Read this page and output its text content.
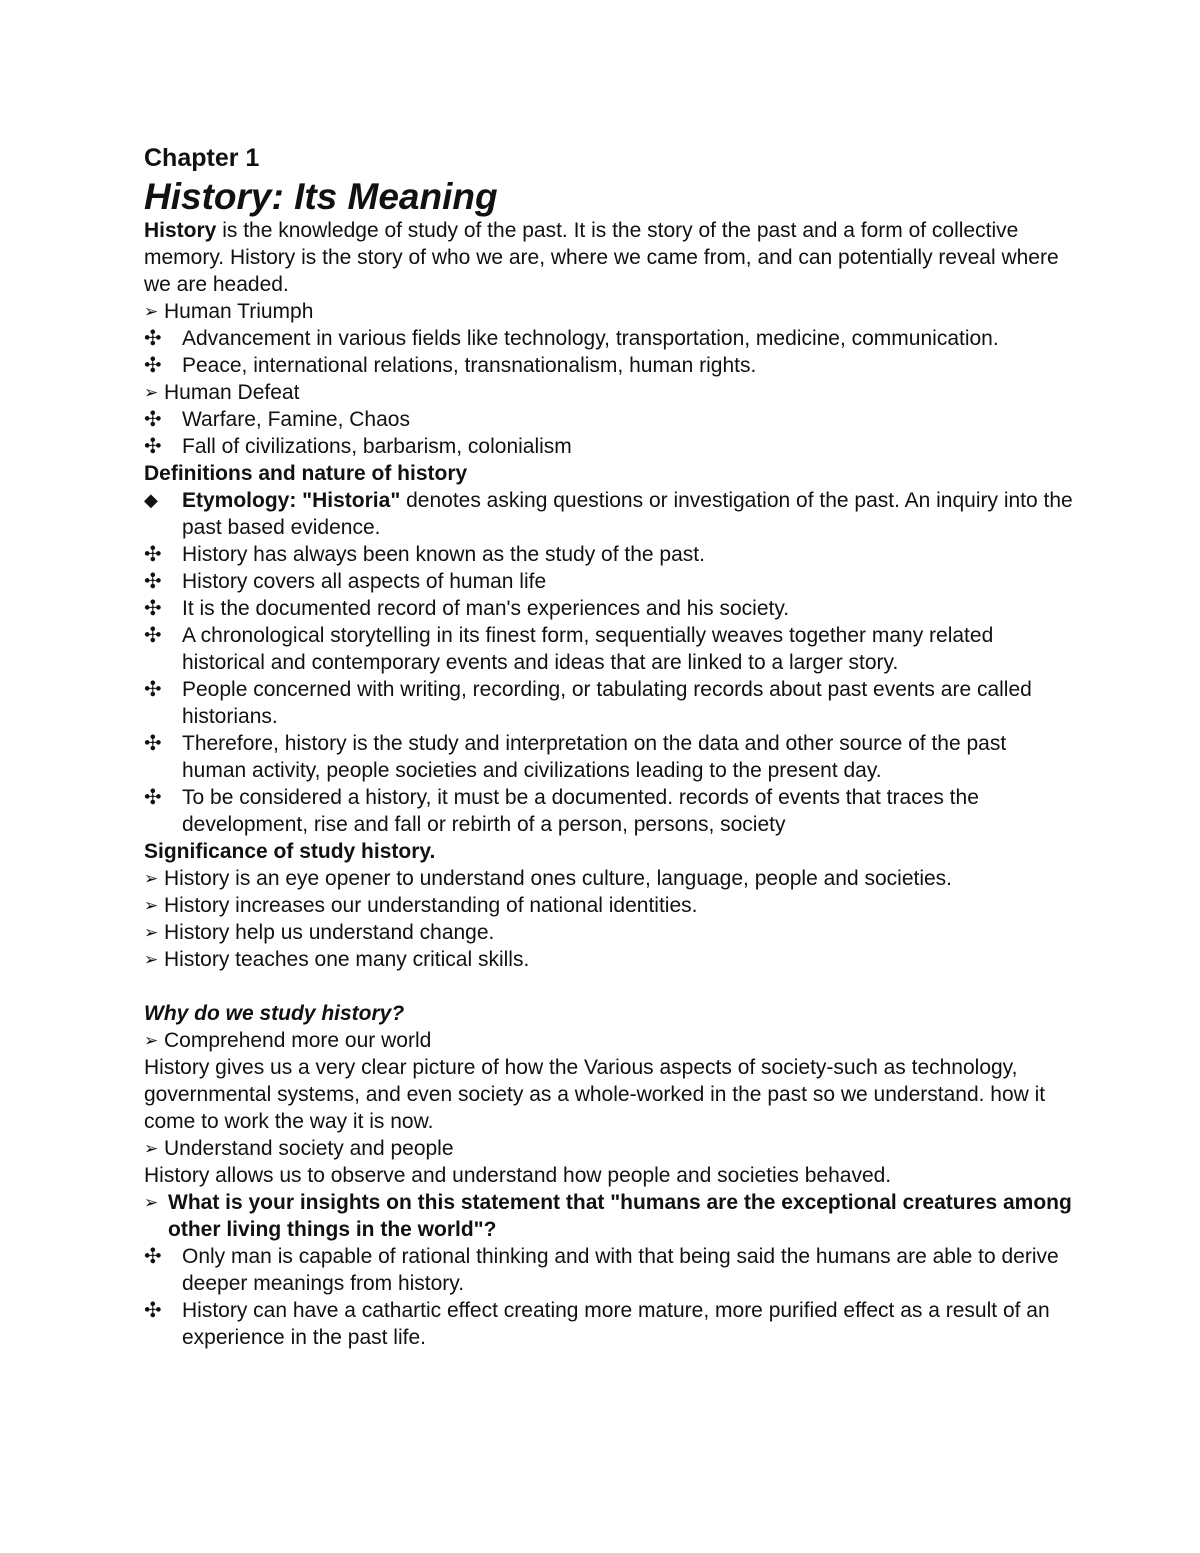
Chapter 1

History: Its Meaning

History is the knowledge of study of the past. It is the story of the past and a form of collective memory. History is the story of who we are, where we came from, and can potentially reveal where we are headed.

➢ Human Triumph
✣ Advancement in various fields like technology, transportation, medicine, communication.
✣ Peace, international relations, transnationalism, human rights.
➢ Human Defeat
✣ Warfare, Famine, Chaos
✣ Fall of civilizations, barbarism, colonialism

Definitions and nature of history

◆ Etymology: "Historia" denotes asking questions or investigation of the past. An inquiry into the past based evidence.
✣ History has always been known as the study of the past.
✣ History covers all aspects of human life
✣ It is the documented record of man's experiences and his society.
✣ A chronological storytelling in its finest form, sequentially weaves together many related historical and contemporary events and ideas that are linked to a larger story.
✣ People concerned with writing, recording, or tabulating records about past events are called historians.
✣ Therefore, history is the study and interpretation on the data and other source of the past human activity, people societies and civilizations leading to the present day.
✣ To be considered a history, it must be a documented. records of events that traces the development, rise and fall or rebirth of a person, persons, society

Significance of study history.

➢ History is an eye opener to understand ones culture, language, people and societies.
➢ History increases our understanding of national identities.
➢ History help us understand change.
➢ History teaches one many critical skills.

Why do we study history?

➢ Comprehend more our world

History gives us a very clear picture of how the Various aspects of society-such as technology, governmental systems, and even society as a whole-worked in the past so we understand. how it come to work the way it is now.

➢ Understand society and people

History allows us to observe and understand how people and societies behaved.

➢ What is your insights on this statement that "humans are the exceptional creatures among other living things in the world"?
✣ Only man is capable of rational thinking and with that being said the humans are able to derive deeper meanings from history.
✣ History can have a cathartic effect creating more mature, more purified effect as a result of an experience in the past life.
